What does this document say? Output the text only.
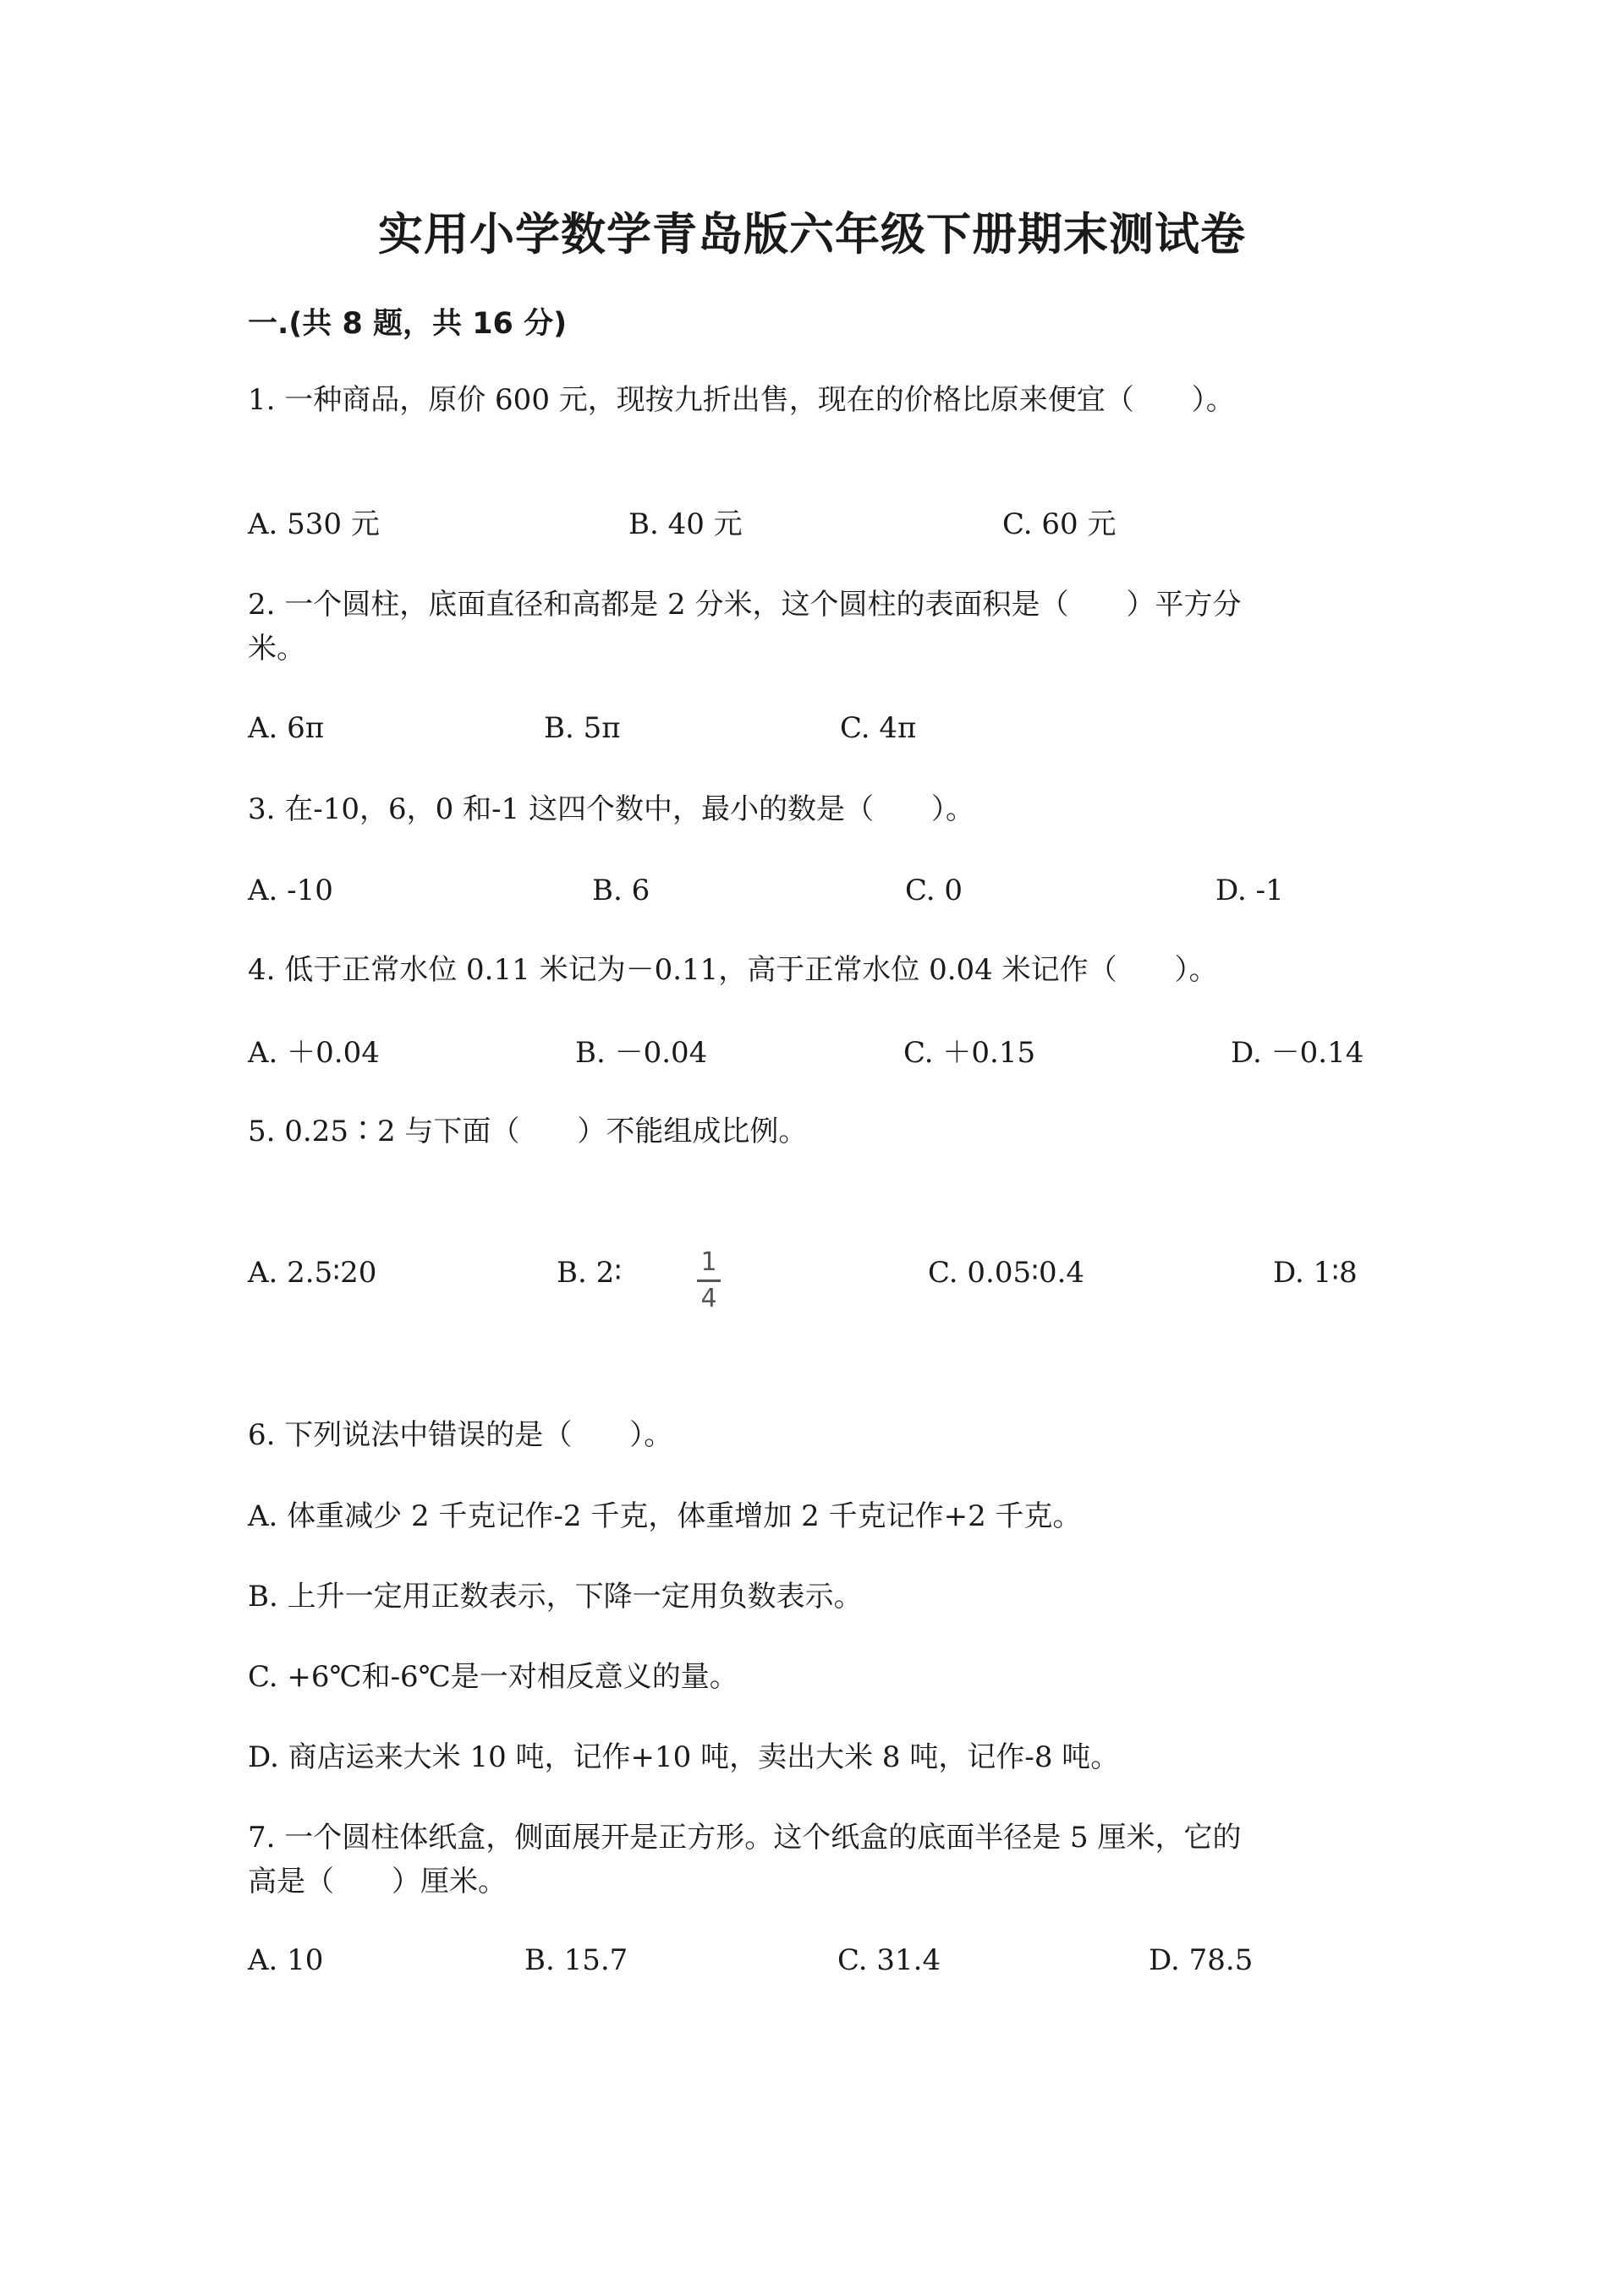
实用小学数学青岛版六年级下册期末测试卷
一.(共 8 题，共 16 分)
1. 一种商品，原价 600 元，现按九折出售，现在的价格比原来便宜（　　）。
A. 530 元	B. 40 元	C. 60 元
2. 一个圆柱，底面直径和高都是 2 分米，这个圆柱的表面积是（　　）平方分
米。
A. 6π	B. 5π	C. 4π
3. 在-10，6，0 和-1 这四个数中，最小的数是（　　）。
A. -10	B. 6	C. 0	D. -1
4. 低于正常水位 0.11 米记为－0.11，高于正常水位 0.04 米记作（　　）。
A. ＋0.04	B. －0.04	C. ＋0.15	D. －0.14
5. 0.25∶2 与下面（　　）不能组成比例。
A. 2.5∶20	B. 2∶	1
4
C. 0.05∶0.4	D. 1∶8
6. 下列说法中错误的是（　　）。
A. 体重减少 2 千克记作-2 千克，体重增加 2 千克记作+2 千克。
B. 上升一定用正数表示，下降一定用负数表示。
C. +6℃和-6℃是一对相反意义的量。
D. 商店运来大米 10 吨，记作+10 吨，卖出大米 8 吨，记作-8 吨。
7. 一个圆柱体纸盒，侧面展开是正方形。这个纸盒的底面半径是 5 厘米，它的
高是（　　）厘米。
A. 10	B. 15.7	C. 31.4	D. 78.5
